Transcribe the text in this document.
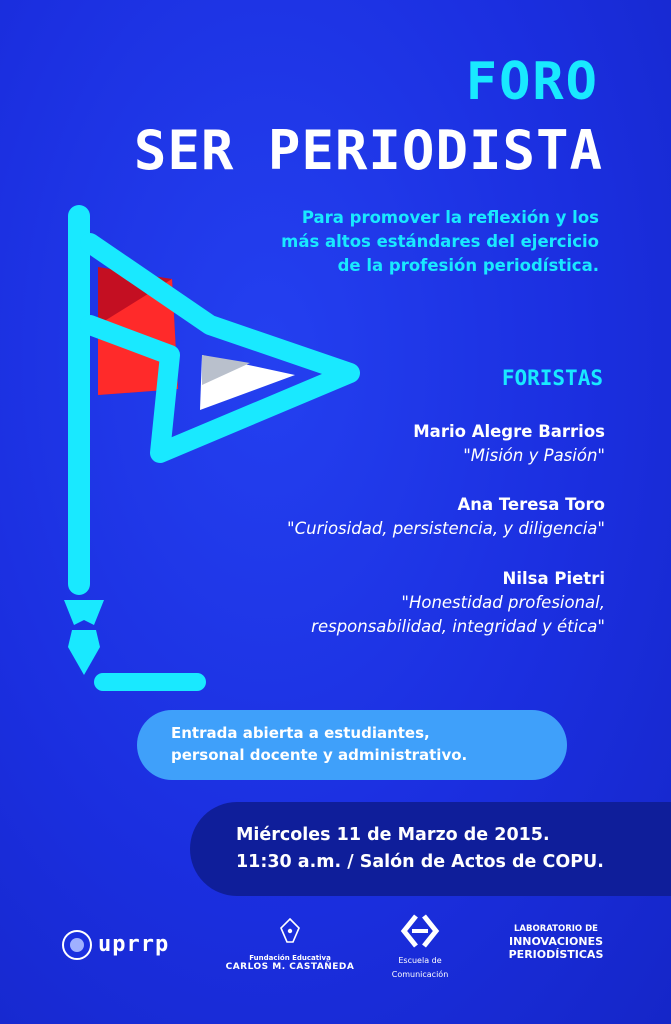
FORO
SER PERIODISTA
Para promover la reflexión y los
más altos estándares del ejercicio
de la profesión periodística.
FORISTAS
Mario Alegre Barrios
"Misión y Pasión"
Ana Teresa Toro
"Curiosidad, persistencia, y diligencia"
Nilsa Pietri
"Honestidad profesional,
responsabilidad, integridad y ética"
Entrada abierta a estudiantes,
personal docente y administrativo.
Miércoles 11 de Marzo de 2015.
11:30 a.m. / Salón de Actos de COPU.
uprrp
Fundación Educativa
CARLOS M. CASTAÑEDA
Escuela de
Comunicación
LABORATORIO DE
INNOVACIONES
PERIODÍSTICAS
